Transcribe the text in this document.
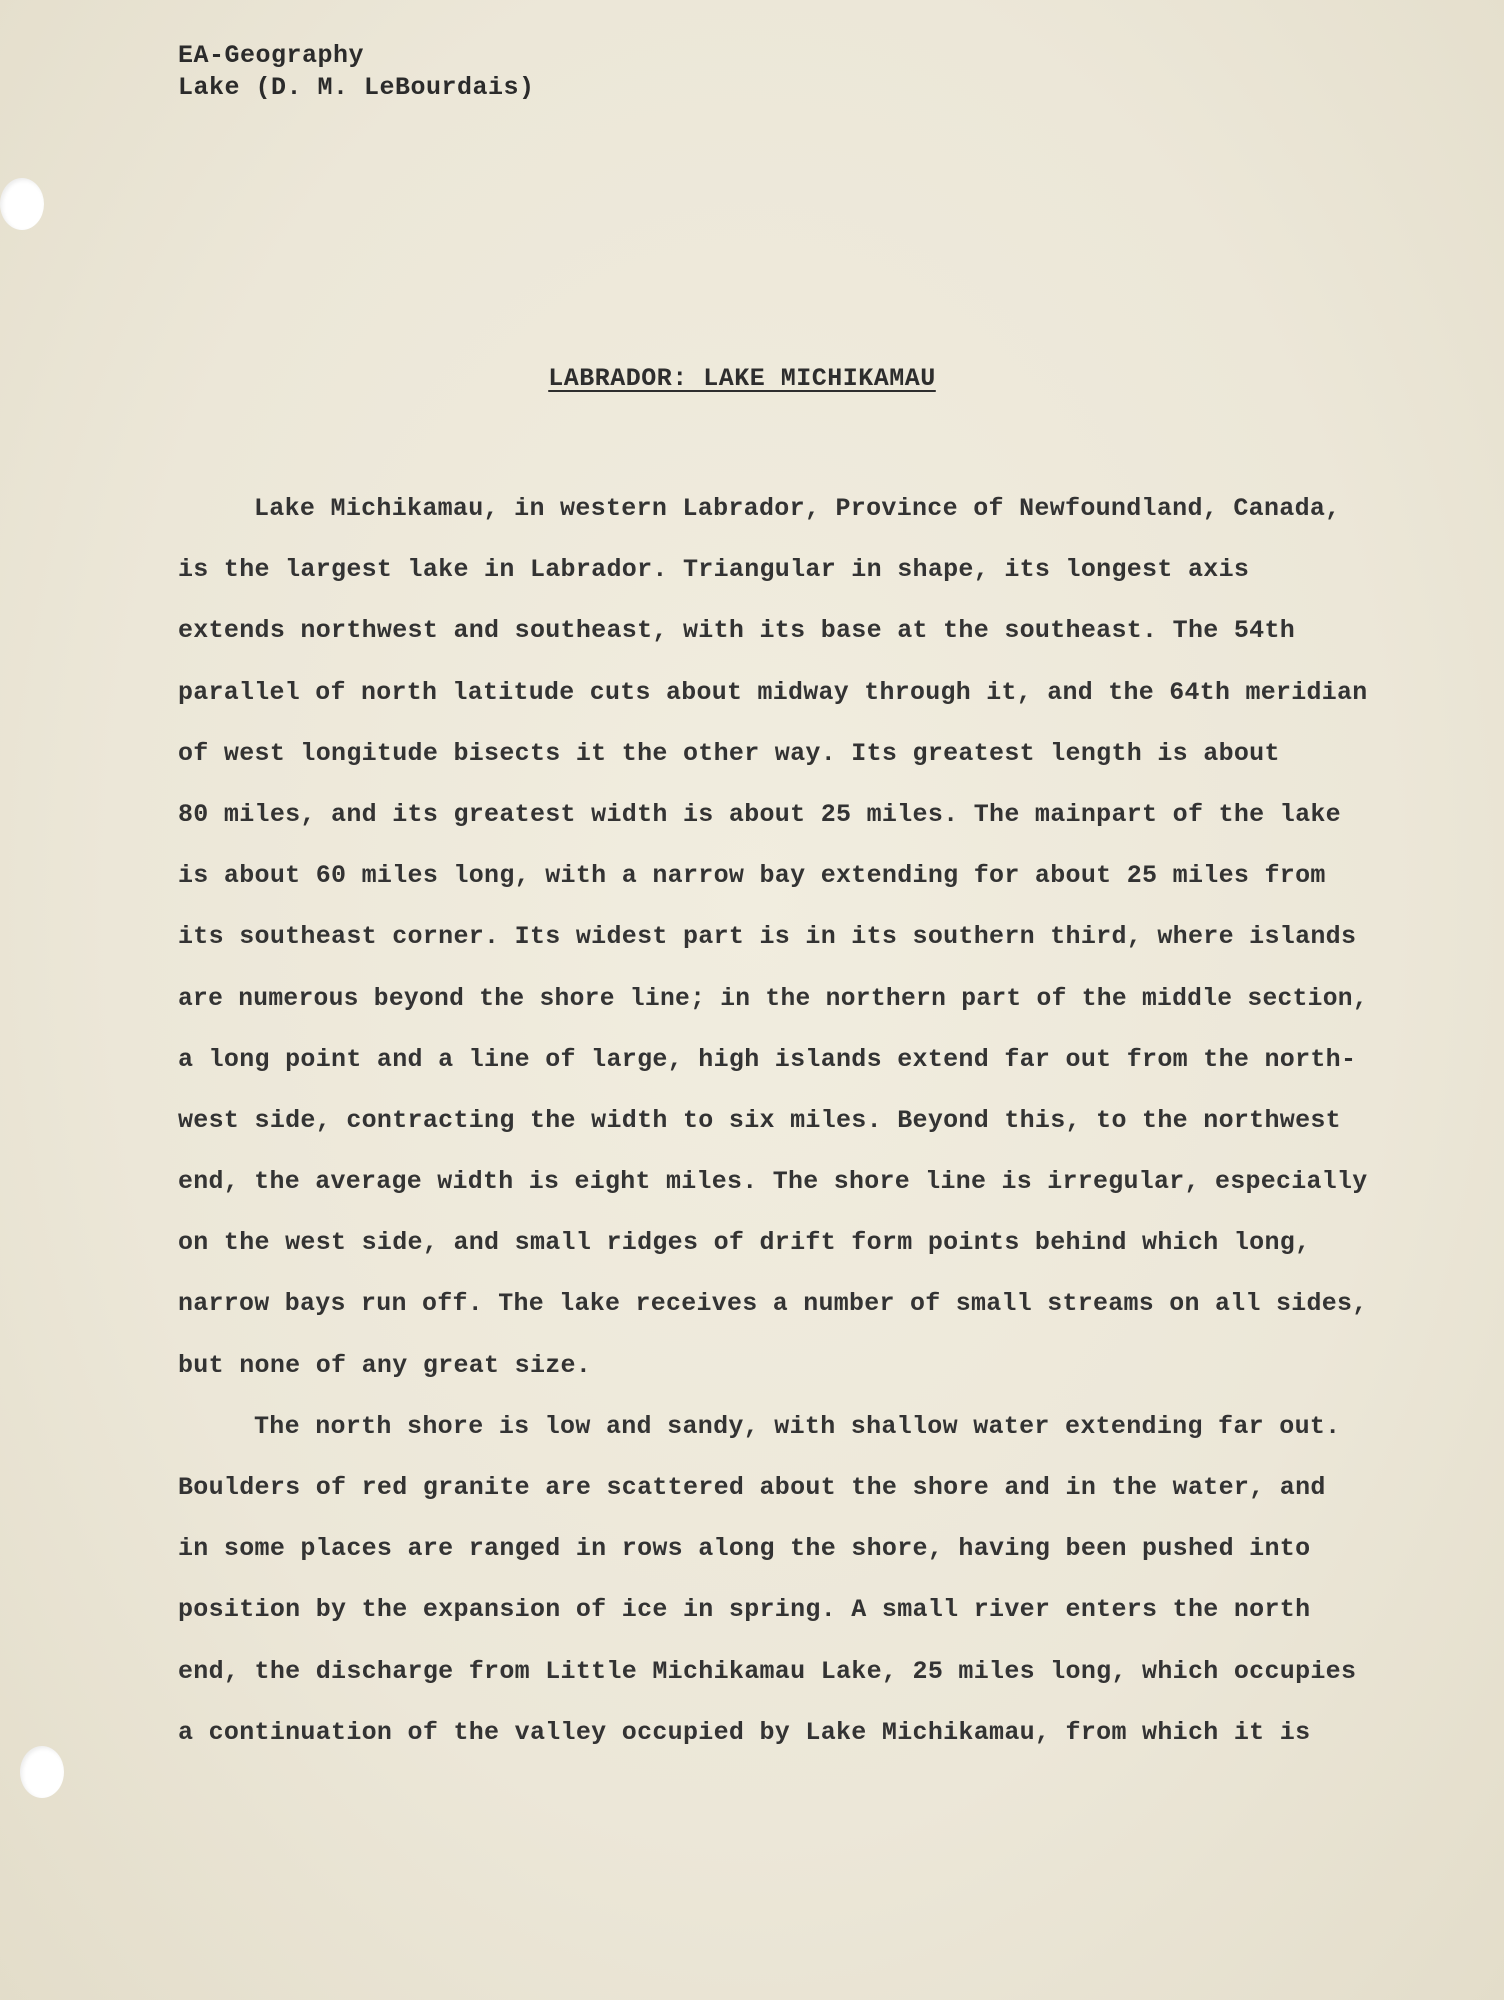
EA-Geography
Lake (D. M. LeBourdais)
LABRADOR: LAKE MICHIKAMAU
Lake Michikamau, in western Labrador, Province of Newfoundland, Canada,
is the largest lake in Labrador. Triangular in shape, its longest axis
extends northwest and southeast, with its base at the southeast. The 54th
parallel of north latitude cuts about midway through it, and the 64th meridian
of west longitude bisects it the other way. Its greatest length is about
80 miles, and its greatest width is about 25 miles. The mainpart of the lake
is about 60 miles long, with a narrow bay extending for about 25 miles from
its southeast corner. Its widest part is in its southern third, where islands
are numerous beyond the shore line; in the northern part of the middle section,
a long point and a line of large, high islands extend far out from the north-
west side, contracting the width to six miles. Beyond this, to the northwest
end, the average width is eight miles. The shore line is irregular, especially
on the west side, and small ridges of drift form points behind which long,
narrow bays run off. The lake receives a number of small streams on all sides,
but none of any great size.
The north shore is low and sandy, with shallow water extending far out.
Boulders of red granite are scattered about the shore and in the water, and
in some places are ranged in rows along the shore, having been pushed into
position by the expansion of ice in spring. A small river enters the north
end, the discharge from Little Michikamau Lake, 25 miles long, which occupies
a continuation of the valley occupied by Lake Michikamau, from which it is
